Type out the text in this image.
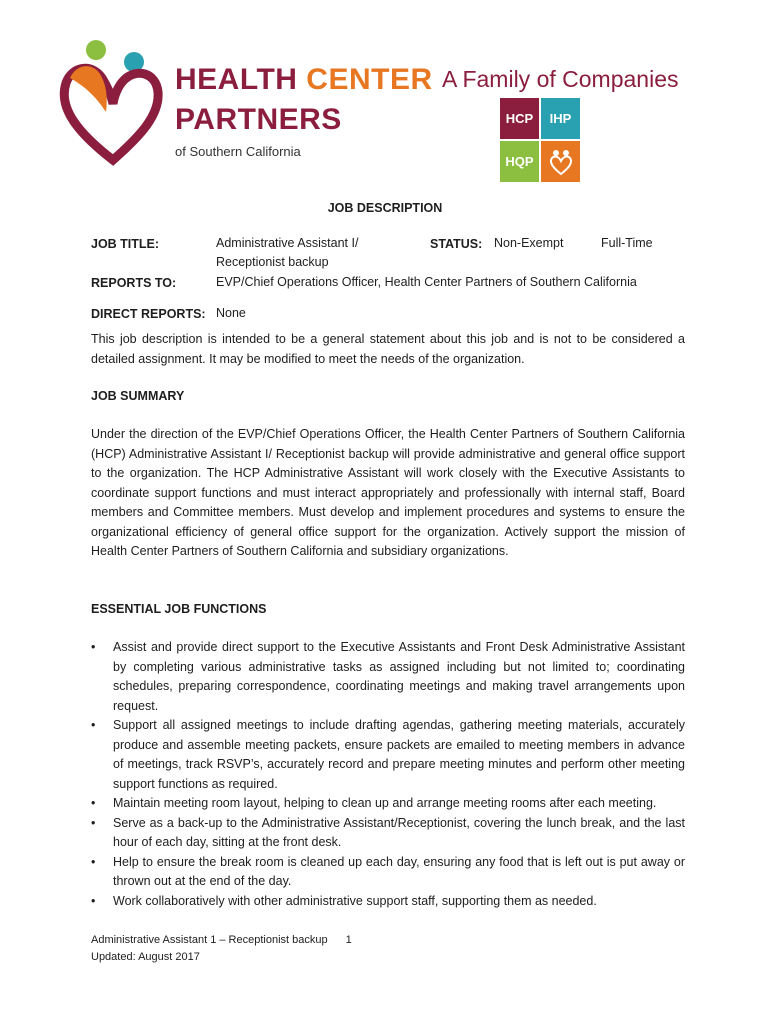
HEALTH CENTER
PARTNERS
of Southern California
A Family of Companies
HCP	IHP
HQP
JOB DESCRIPTION
JOB TITLE:	Administrative Assistant I/
Receptionist backup
STATUS: Non-Exempt	Full-Time
REPORTS TO:	EVP/Chief Operations Officer, Health Center Partners of Southern California
DIRECT REPORTS: None
This job description is intended to be a general statement about this job and is not to be considered a detailed assignment. It may be modified to meet the needs of the organization.
JOB SUMMARY
Under the direction of the EVP/Chief Operations Officer, the Health Center Partners of Southern California (HCP) Administrative Assistant I/ Receptionist backup will provide administrative and general office support to the organization. The HCP Administrative Assistant will work closely with the Executive Assistants to coordinate support functions and must interact appropriately and professionally with internal staff, Board members and Committee members. Must develop and implement procedures and systems to ensure the organizational efficiency of general office support for the organization. Actively support the mission of Health Center Partners of Southern California and subsidiary organizations.
ESSENTIAL JOB FUNCTIONS
• Assist and provide direct support to the Executive Assistants and Front Desk Administrative Assistant by completing various administrative tasks as assigned including but not limited to; coordinating schedules, preparing correspondence, coordinating meetings and making travel arrangements upon request.
• Support all assigned meetings to include drafting agendas, gathering meeting materials, accurately produce and assemble meeting packets, ensure packets are emailed to meeting members in advance of meetings, track RSVP’s, accurately record and prepare meeting minutes and perform other meeting support functions as required.
• Maintain meeting room layout, helping to clean up and arrange meeting rooms after each meeting.
• Serve as a back-up to the Administrative Assistant/Receptionist, covering the lunch break, and the last hour of each day, sitting at the front desk.
• Help to ensure the break room is cleaned up each day, ensuring any food that is left out is put away or thrown out at the end of the day.
• Work collaboratively with other administrative support staff, supporting them as needed.
Administrative Assistant 1 – Receptionist backup 1
Updated: August 2017
